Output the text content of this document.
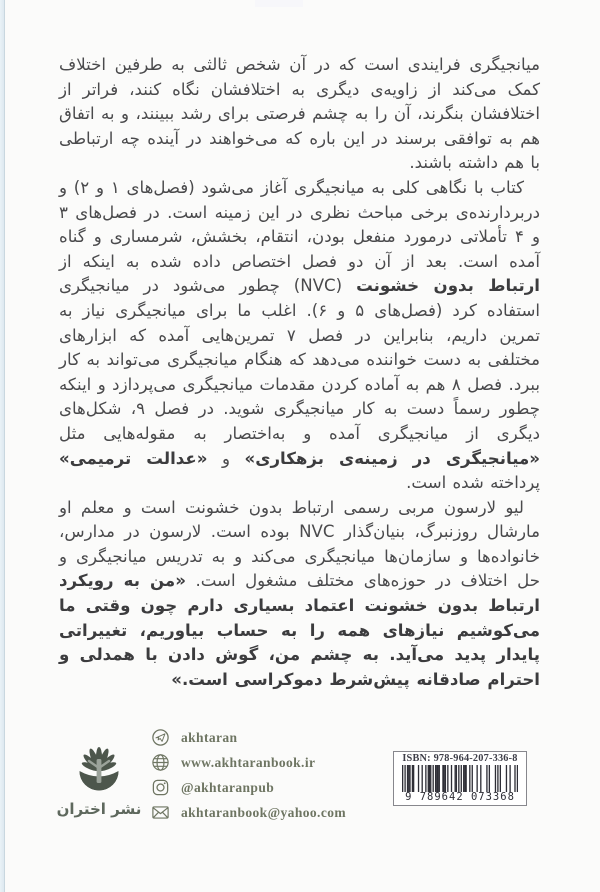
میانجیگری فرایندی است که در آن شخص ثالثی به طرفین اختلاف کمک می‌کند از زاویه‌ی دیگری به اختلافشان نگاه کنند، فراتر از اختلافشان بنگرند، آن را به چشم فرصتی برای رشد ببینند، و به اتفاق هم به توافقی برسند در این باره که می‌خواهند در آینده چه ارتباطی با هم داشته باشند.

کتاب با نگاهی کلی به میانجیگری آغاز می‌شود (فصل‌های ۱ و ۲) و دربردارنده‌ی برخی مباحث نظری در این زمینه است. در فصل‌های ۳ و ۴ تأملاتی درمورد منفعل بودن، انتقام، بخشش، شرمساری و گناه آمده است. بعد از آن دو فصل اختصاص داده شده به اینکه از ارتباط بدون خشونت (NVC) چطور می‌شود در میانجیگری استفاده کرد (فصل‌های ۵ و ۶). اغلب ما برای میانجیگری نیاز به تمرین داریم، بنابراین در فصل ۷ تمرین‌هایی آمده که ابزارهای مختلفی به دست خواننده می‌دهد که هنگام میانجیگری می‌تواند به کار ببرد. فصل ۸ هم به آماده کردن مقدمات میانجیگری می‌پردازد و اینکه چطور رسماً دست به کار میانجیگری شوید. در فصل ۹، شکل‌های دیگری از میانجیگری آمده و به‌اختصار به مقوله‌هایی مثل «میانجیگری در زمینه‌ی بزهکاری» و «عدالت ترمیمی» پرداخته شده است.

لیو لارسون مربی رسمی ارتباط بدون خشونت است و معلم او مارشال روزنبرگ، بنیان‌گذار NVC بوده است. لارسون در مدارس، خانواده‌ها و سازمان‌ها میانجیگری می‌کند و به تدریس میانجیگری و حل اختلاف در حوزه‌های مختلف مشغول است. «من به رویکرد ارتباط بدون خشونت اعتماد بسیاری دارم چون وقتی ما می‌کوشیم نیازهای همه را به حساب بیاوریم، تغییراتی پایدار پدید می‌آید. به چشم من، گوش دادن با همدلی و احترام صادقانه پیش‌شرط دموکراسی است.»

نشر اختران
akhtaran
www.akhtaranbook.ir
@akhtaranpub
akhtaranbook@yahoo.com
ISBN: 978-964-207-336-8
9 789642 073368
